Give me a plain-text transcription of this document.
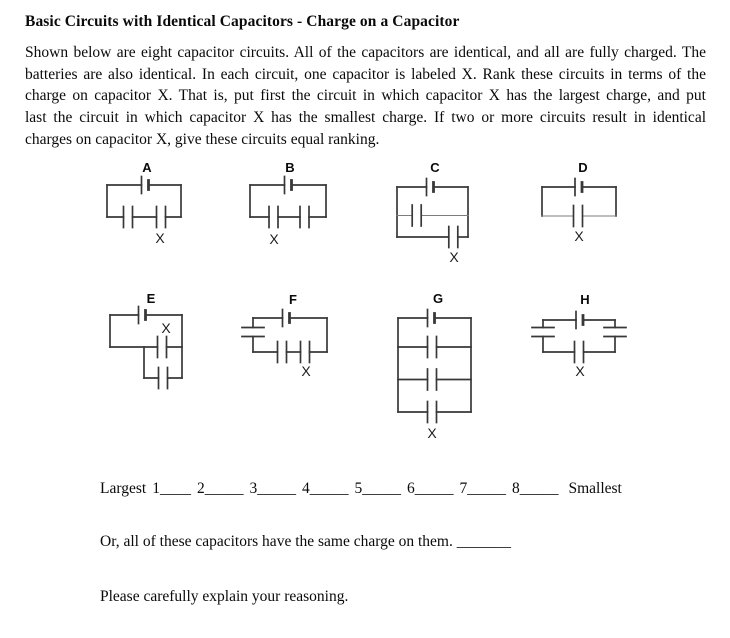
Basic Circuits with Identical Capacitors - Charge on a Capacitor
Shown below are eight capacitor circuits. All of the capacitors are identical, and all are fully charged. The
batteries are also identical. In each circuit, one capacitor is labeled X. Rank these circuits in terms of the
charge on capacitor X. That is, put first the circuit in which capacitor X has the largest charge, and put
last the circuit in which capacitor X has the smallest charge. If two or more circuits result in identical
charges on capacitor X, give these circuits equal ranking.
A
X
B
X
C
X
D
X
E
X
F
X
G
X
H
X
Largest 1____ 2_____ 3_____ 4_____ 5_____ 6_____ 7_____ 8_____ Smallest
Or, all of these capacitors have the same charge on them. _______
Please carefully explain your reasoning.
